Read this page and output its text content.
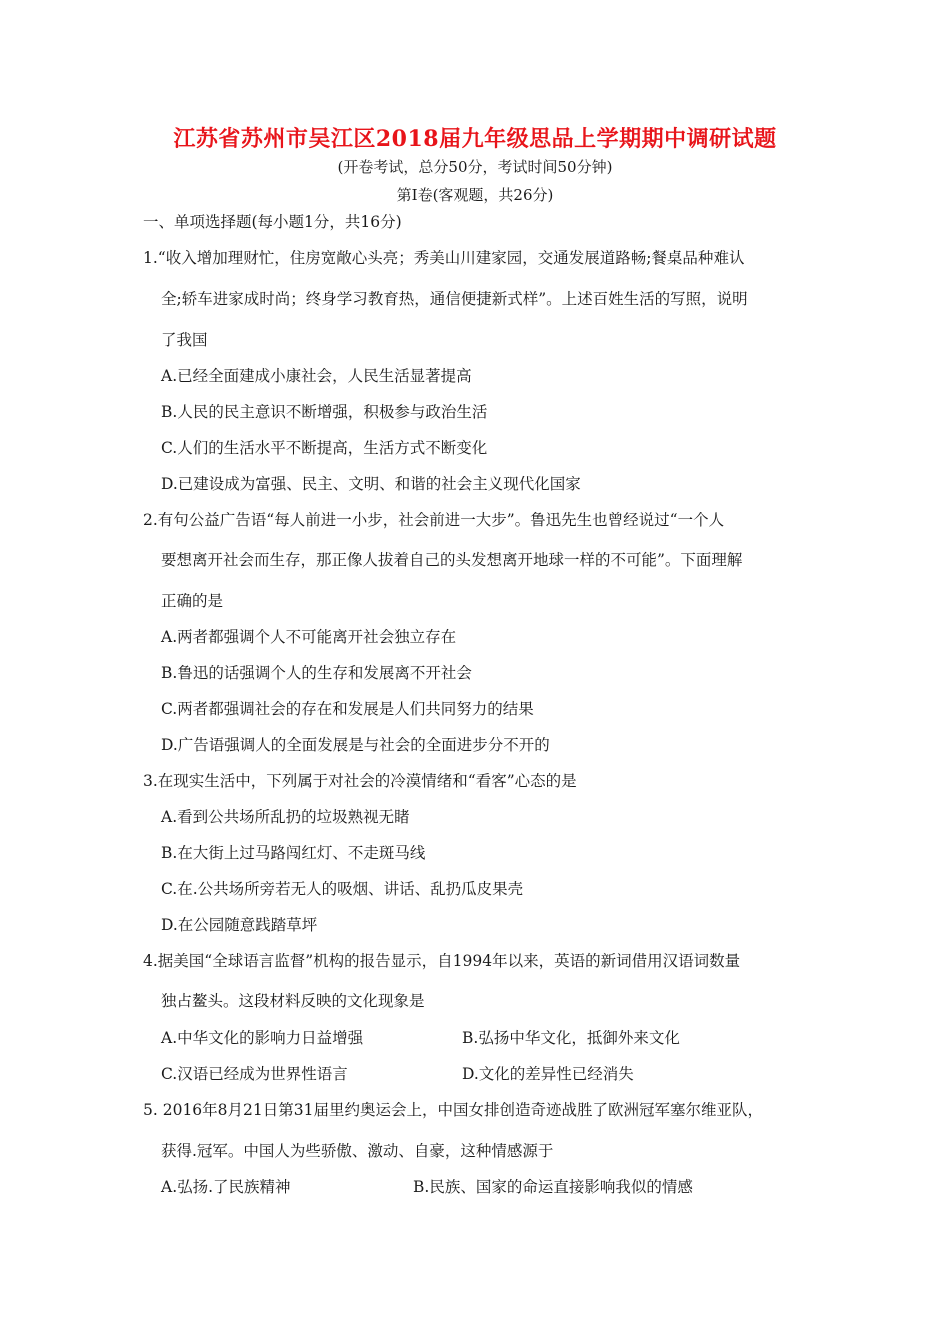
江苏省苏州市吴江区2018届九年级思品上学期期中调研试题
(开卷考试，总分50分，考试时间50分钟)
第Ⅰ卷(客观题，共26分)
一、单项选择题(每小题1分，共16分)
1.“收入增加理财忙，住房宽敞心头亮；秀美山川建家园，交通发展道路畅;餐桌品种难认
全;轿车进家成时尚；终身学习教育热，通信便捷新式样”。上述百姓生活的写照，说明
了我国
A.已经全面建成小康社会，人民生活显著提高
B.人民的民主意识不断增强，积极参与政治生活
C.人们的生活水平不断提高，生活方式不断变化
D.已建设成为富强、民主、文明、和谐的社会主义现代化国家
2.有句公益广告语“每人前进一小步，社会前进一大步”。鲁迅先生也曾经说过“一个人
要想离开社会而生存，那正像人拔着自己的头发想离开地球一样的不可能”。下面理解
正确的是
A.两者都强调个人不可能离开社会独立存在
B.鲁迅的话强调个人的生存和发展离不开社会
C.两者都强调社会的存在和发展是人们共同努力的结果
D.广告语强调人的全面发展是与社会的全面进步分不开的
3.在现实生活中，下列属于对社会的冷漠情绪和“看客”心态的是
A.看到公共场所乱扔的垃圾熟视无睹
B.在大街上过马路闯红灯、不走斑马线
C.在.公共场所旁若无人的吸烟、讲话、乱扔瓜皮果壳
D.在公园随意践踏草坪
4.据美国“全球语言监督”机构的报告显示，自1994年以来，英语的新词借用汉语词数量
独占鳌头。这段材料反映的文化现象是
A.中华文化的影响力日益增强	B.弘扬中华文化，抵御外来文化
C.汉语已经成为世界性语言	D.文化的差异性已经消失
5. 2016年8月21日第31届里约奥运会上，中国女排创造奇迹战胜了欧洲冠军塞尔维亚队，
获得.冠军。中国人为些骄傲、激动、自豪，这种情感源于
A.弘扬.了民族精神	B.民族、国家的命运直接影响我似的情感
